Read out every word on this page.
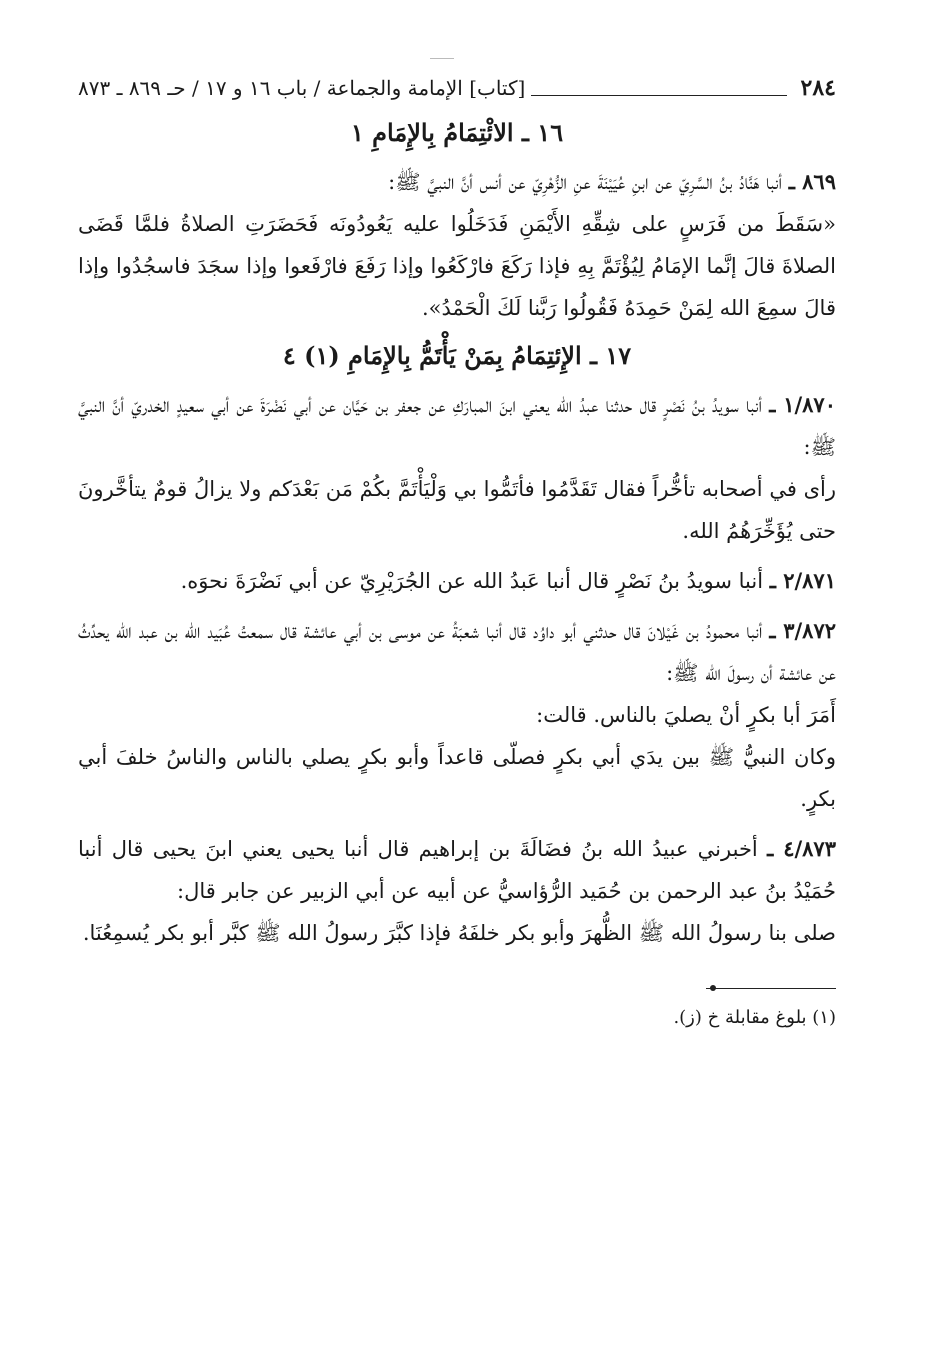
٢٨٤
[كتاب] الإمامة والجماعة / باب ١٦ و ١٧ / حـ ٨٦٩ ـ ٨٧٣
١٦ ـ الائْتِمَامُ بِالإِمَامِ ١

٨٦٩ ـ أنبا هَنَّادُ بنُ السَّرِيّ عن ابنِ عُيَيْنَةَ عنِ الزُّهْرِيّ عن أنس أنَّ النبيَّ ﷺ:
«سَقَطَ من فَرَسٍ على شِقِّهِ الأَيْمَنِ فَدَخَلُوا عليه يَعُودُونَه فَحَضَرَتِ الصلاةُ فلمَّا قَضَى الصلاةَ قالَ إنَّما الإمَامُ لِيُؤْتَمَّ بِهِ فإذا رَكَعَ فارْكَعُوا وإذا رَفَعَ فارْفَعوا وإذا سجَدَ فاسجُدُوا وإذا قالَ سمِعَ الله لِمَنْ حَمِدَهُ فَقُولُوا رَبَّنا لَكَ الْحَمْدُ».

١٧ ـ الإِئتِمَامُ بِمَنْ يَأْتَمُّ بِالإِمَامِ (١) ٤

١/٨٧٠ ـ أنبا سويدُ بنُ نَصْرٍ قال حدثنا عبدُ الله يعني ابنَ المبارَكِ عن جعفر بن حَيَّان عن أبي نَضْرَةَ عن أبي سعيدٍ الخدريّ أنَّ النبيَّ ﷺ:
رأى في أصحابه تأخُّراً فقال تَقَدَّمُوا فأتَمُّوا بي وَلْيَأْتَمَّ بكُمْ مَن بَعْدَكم ولا يزالُ قومٌ يتأخَّرونَ حتى يُؤَخِّرَهُمُ الله.

٢/٨٧١ ـ أنبا سويدُ بنُ نَصْرٍ قال أنبا عَبدُ الله عن الجُرَيْرِيّ عن أبي نَضْرَةَ نحوَه.

٣/٨٧٢ ـ أنبا محمودُ بن غَيْلانَ قال حدثني أبو داوُد قال أنبا شعبَةُ عن موسى بن أبي عائشة قال سمعتُ عُبَيد الله بن عبد الله يحدِّثُ عن عائشة أن رسولَ الله ﷺ:
أَمَرَ أبا بكرٍ أنْ يصليَ بالناس. قالت:
وكان النبيُّ ﷺ بين يدَي أبي بكرٍ فصلّى قاعداً وأبو بكرٍ يصلي بالناس والناسُ خلفَ أبي بكرٍ.

٤/٨٧٣ ـ أخبرني عبيدُ الله بنُ فضَالَةَ بن إبراهيم قال أنبا يحيى يعني ابنَ يحيى قال أنبا حُمَيْدُ بنُ عبد الرحمن بن حُمَيد الرُّؤاسيُّ عن أبيه عن أبي الزبير عن جابر قال:
صلى بنا رسولُ الله ﷺ الظُّهرَ وأبو بكر خلفَهُ فإذا كبَّرَ رسولُ الله ﷺ كبَّر أبو بكر يُسمِعُنَا.

(١) بلوغ مقابلة خ (ز).
